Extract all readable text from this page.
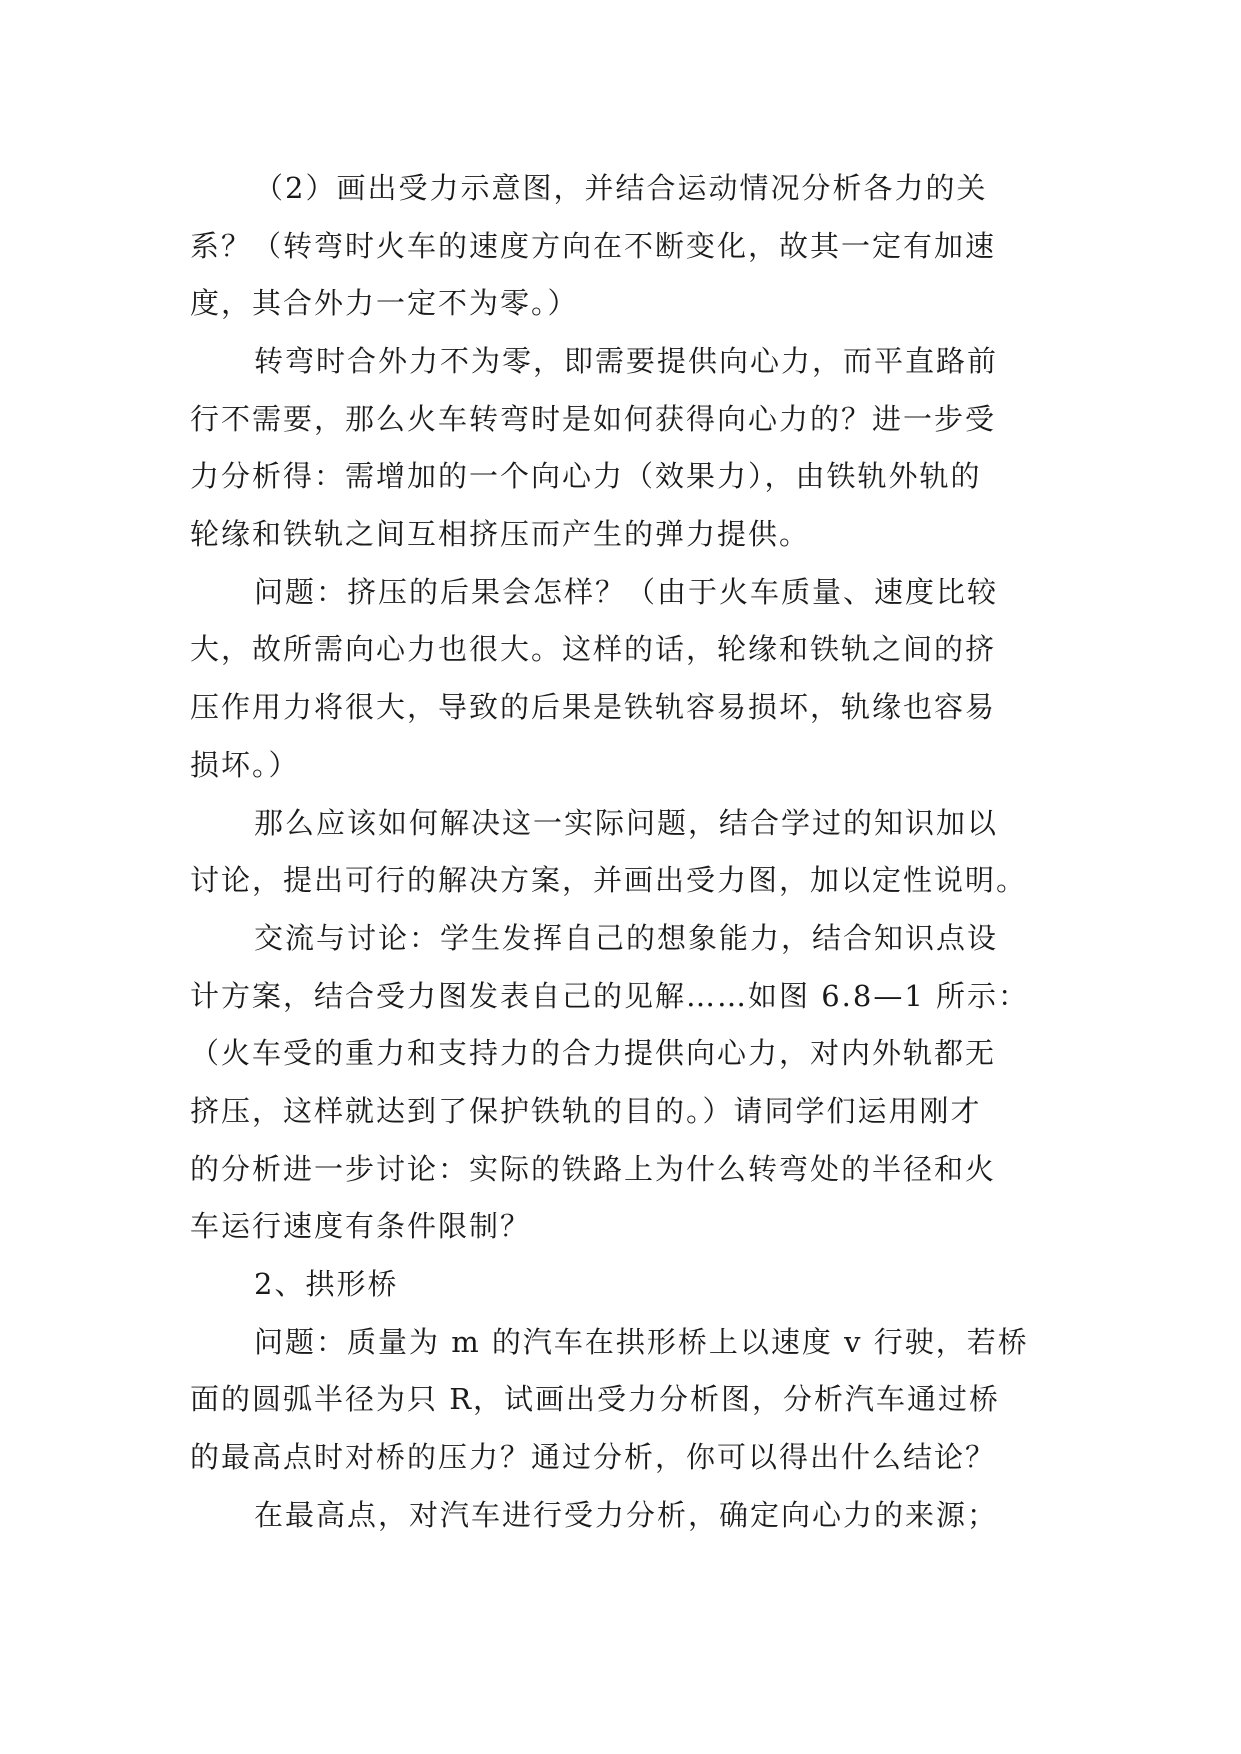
（2）画出受力示意图，并结合运动情况分析各力的关
系？（转弯时火车的速度方向在不断变化，故其一定有加速
度，其合外力一定不为零。）
转弯时合外力不为零，即需要提供向心力，而平直路前
行不需要，那么火车转弯时是如何获得向心力的？进一步受
力分析得：需增加的一个向心力（效果力），由铁轨外轨的
轮缘和铁轨之间互相挤压而产生的弹力提供。
问题：挤压的后果会怎样？（由于火车质量、速度比较
大，故所需向心力也很大。这样的话，轮缘和铁轨之间的挤
压作用力将很大，导致的后果是铁轨容易损坏，轨缘也容易
损坏。）
那么应该如何解决这一实际问题，结合学过的知识加以
讨论，提出可行的解决方案，并画出受力图，加以定性说明。
交流与讨论：学生发挥自己的想象能力，结合知识点设
计方案，结合受力图发表自己的见解……如图 6.8—1 所示：
（火车受的重力和支持力的合力提供向心力，对内外轨都无
挤压，这样就达到了保护铁轨的目的。）请同学们运用刚才
的分析进一步讨论：实际的铁路上为什么转弯处的半径和火
车运行速度有条件限制？
2、拱形桥
问题：质量为 m 的汽车在拱形桥上以速度 v 行驶，若桥
面的圆弧半径为只 R，试画出受力分析图，分析汽车通过桥
的最高点时对桥的压力？通过分析，你可以得出什么结论？
在最高点，对汽车进行受力分析，确定向心力的来源；
